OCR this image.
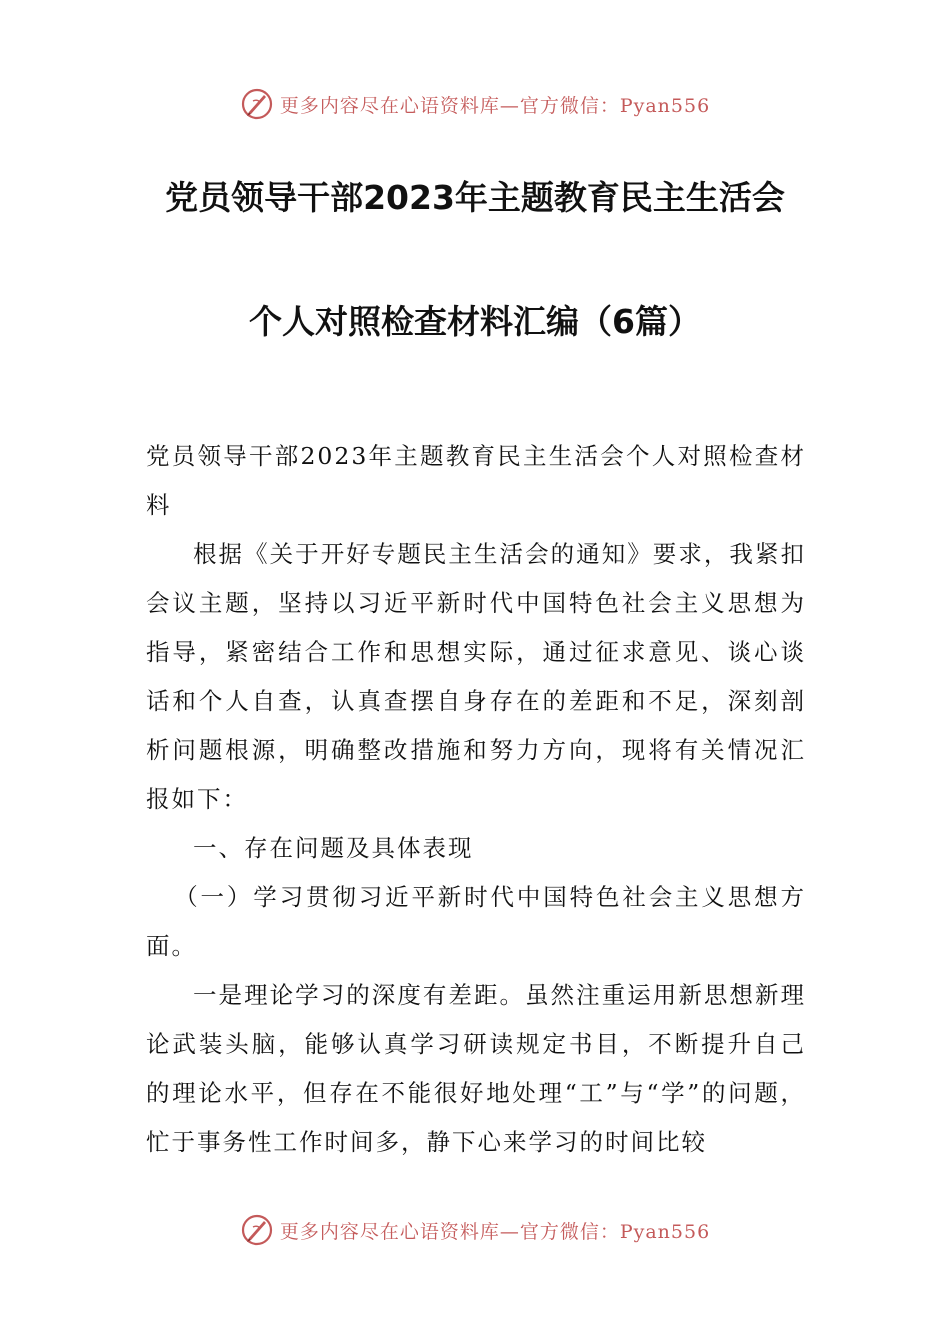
更多内容尽在心语资料库—官方微信：Pyan556
党员领导干部2023年主题教育民主生活会
个人对照检查材料汇编（6篇）

党员领导干部2023年主题教育民主生活会个人对照检查材料

根据《关于开好专题民主生活会的通知》要求，我紧扣会议主题，坚持以习近平新时代中国特色社会主义思想为指导，紧密结合工作和思想实际，通过征求意见、谈心谈话和个人自查，认真查摆自身存在的差距和不足，深刻剖析问题根源，明确整改措施和努力方向，现将有关情况汇报如下：

一、存在问题及具体表现

（一）学习贯彻习近平新时代中国特色社会主义思想方面。

一是理论学习的深度有差距。虽然注重运用新思想新理论武装头脑，能够认真学习研读规定书目，不断提升自己的理论水平，但存在不能很好地处理“工”与“学”的问题，忙于事务性工作时间多，静下心来学习的时间比较

更多内容尽在心语资料库—官方微信：Pyan556
